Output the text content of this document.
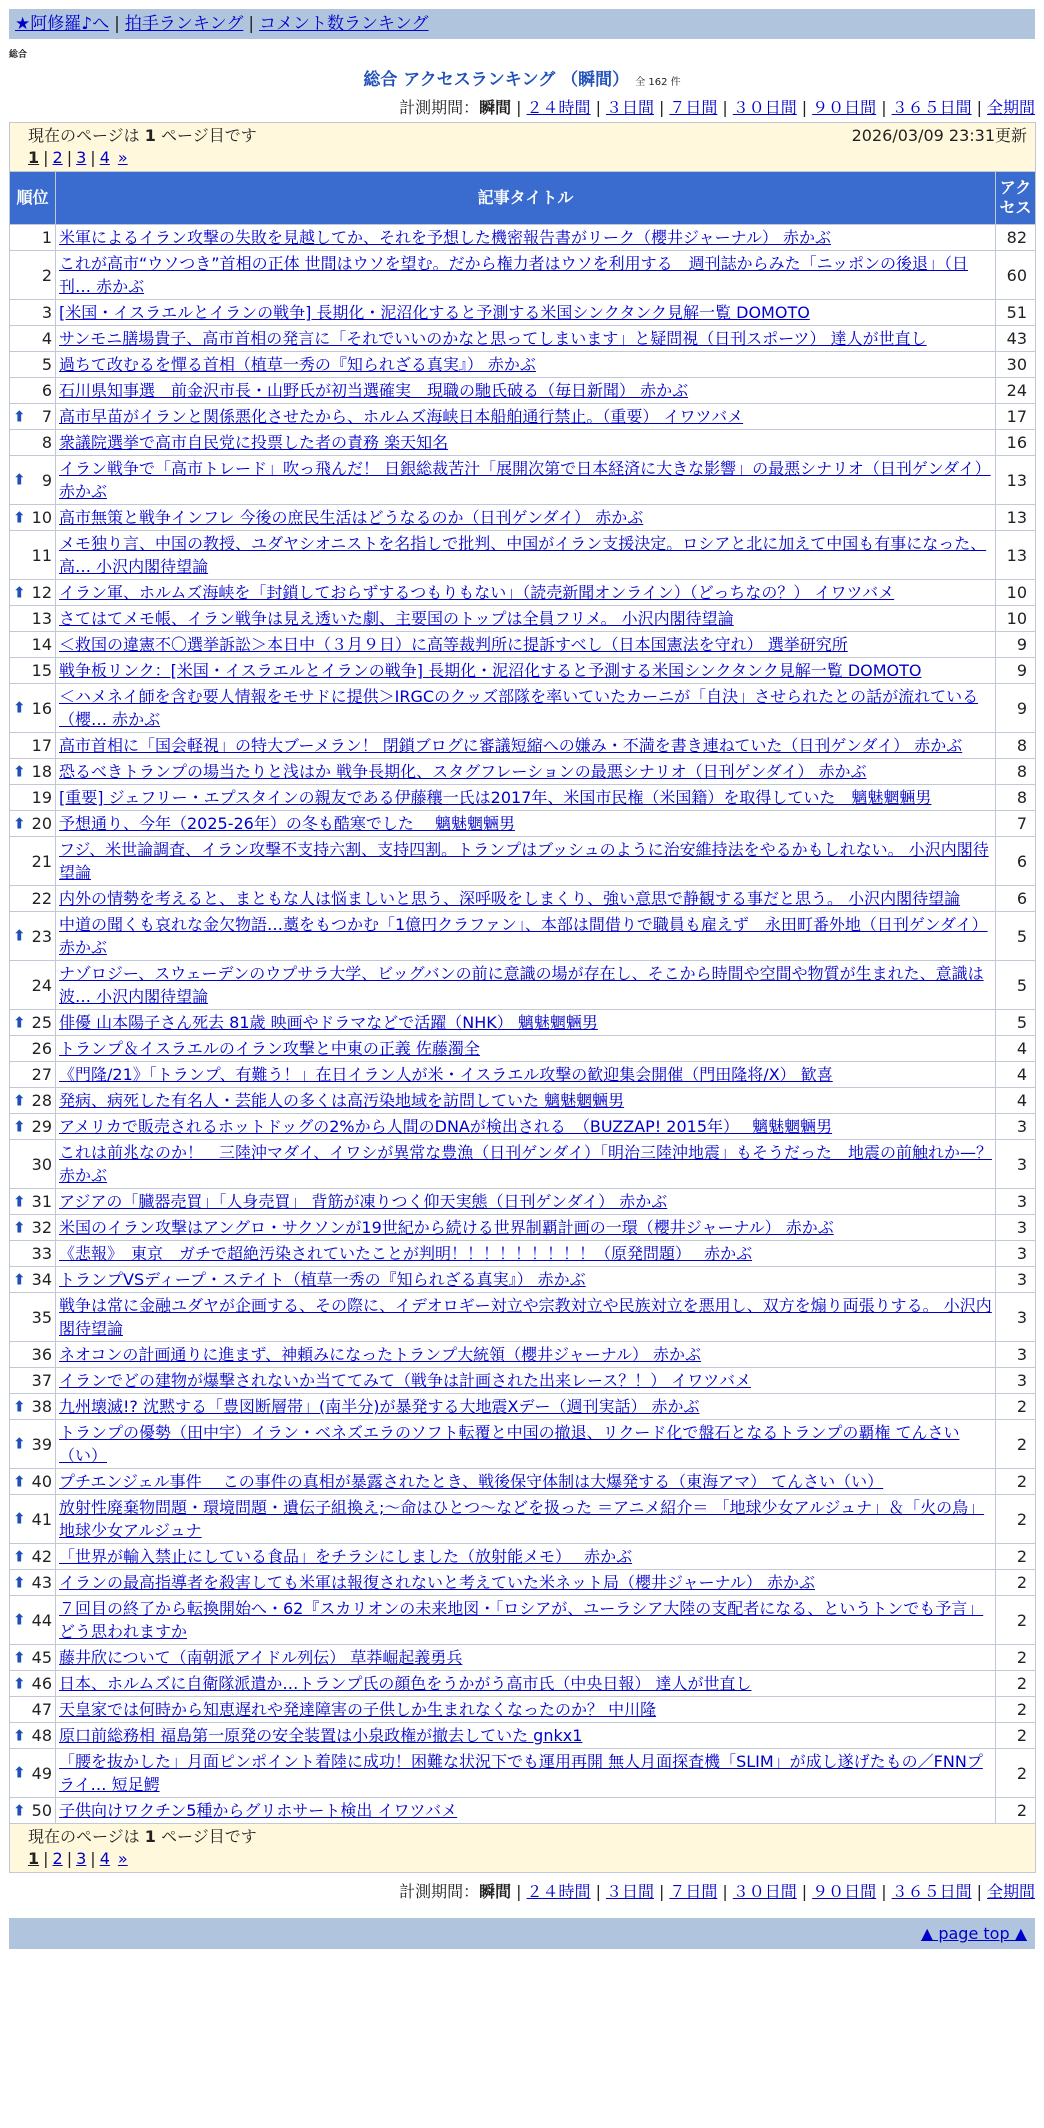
★阿修羅♪へ | 拍手ランキング | コメント数ランキング
総合
総合 アクセスランキング （瞬間） 全 162 件
計測期間：瞬間 | ２４時間 | ３日間 | ７日間 | ３０日間 | ９０日間 | ３６５日間 | 全期間
現在のページは 1 ページ目です 2026/03/09 23:31更新
1 | 2 | 3 | 4 »		

順位	記事タイトル	アクセス
1	米軍によるイラン攻撃の失敗を見越してか、それを予想した機密報告書がリーク（櫻井ジャーナル） 赤かぶ	82
2	これが高市“ウソつき”首相の正体 世間はウソを望む。だから権力者はウソを利用する　週刊誌からみた「ニッポンの後退」（日刊… 赤かぶ	60
3	[米国・イスラエルとイランの戦争] 長期化・泥沼化すると予測する米国シンクタンク見解一覧 DOMOTO	51
4	サンモニ膳場貴子、高市首相の発言に「それでいいのかなと思ってしまいます」と疑問視（日刊スポーツ） 達人が世直し	43
5	過ちて改むるを憚る首相（植草一秀の『知られざる真実』） 赤かぶ	30
6	石川県知事選　前金沢市長・山野氏が初当選確実　現職の馳氏破る（毎日新聞） 赤かぶ	24

⬆ 7	高市早苗がイランと関係悪化させたから、ホルムズ海峡日本船舶通行禁止。（重要） イワツバメ	17
8	衆議院選挙で高市自民党に投票した者の責務 楽天知名	16

⬆ 9	イラン戦争で「高市トレード」吹っ飛んだ！ 日銀総裁苦汁「展開次第で日本経済に大きな影響」の最悪シナリオ（日刊ゲンダイ） 赤かぶ	13

⬆ 10	高市無策と戦争インフレ 今後の庶民生活はどうなるのか（日刊ゲンダイ） 赤かぶ	13
11	メモ独り言、中国の教授、ユダヤシオニストを名指しで批判、中国がイラン支援決定。ロシアと北に加えて中国も有事になった、高… 小沢内閣待望論	13

⬆ 12	イラン軍、ホルムズ海峡を「封鎖しておらずするつもりもない」（読売新聞オンライン）（どっちなの？） イワツバメ	10
13	さてはてメモ帳、イラン戦争は見え透いた劇、主要国のトップは全員フリメ。 小沢内閣待望論	10
14	＜救国の違憲不〇選挙訴訟＞本日中（３月９日）に高等裁判所に提訴すべし（日本国憲法を守れ） 選挙研究所	9
15	戦争板リンク：[米国・イスラエルとイランの戦争] 長期化・泥沼化すると予測する米国シンクタンク見解一覧 DOMOTO	9

⬆ 16	＜ハメネイ師を含む要人情報をモサドに提供＞IRGCのクッズ部隊を率いていたカーニが「自決」させられたとの話が流れている（櫻… 赤かぶ	9
17	高市首相に「国会軽視」の特大ブーメラン！ 閉鎖ブログに審議短縮への嫌み・不満を書き連ねていた（日刊ゲンダイ） 赤かぶ	8

⬆ 18	恐るべきトランプの場当たりと浅はか 戦争長期化、スタグフレーションの最悪シナリオ（日刊ゲンダイ） 赤かぶ	8
19	[重要] ジェフリー・エプスタインの親友である伊藤穰一氏は2017年、米国市民権（米国籍）を取得していた　魑魅魍魎男	8

⬆ 20	予想通り、今年（2025-26年）の冬も酷寒でした　 魑魅魍魎男	7
21	フジ、米世論調査、イラン攻撃不支持六割、支持四割。トランプはブッシュのように治安維持法をやるかもしれない。 小沢内閣待望論	6
22	内外の情勢を考えると、まともな人は悩ましいと思う、深呼吸をしまくり、強い意思で静観する事だと思う。 小沢内閣待望論	6

⬆ 23	中道の聞くも哀れな金欠物語…藁をもつかむ「1億円クラファン」、本部は間借りで職員も雇えず　永田町番外地（日刊ゲンダイ） 赤かぶ	5
24	ナゾロジー、スウェーデンのウプサラ大学、ビッグバンの前に意識の場が存在し、そこから時間や空間や物質が生まれた、意識は波… 小沢内閣待望論	5

⬆ 25	俳優 山本陽子さん死去 81歳 映画やドラマなどで活躍（NHK） 魑魅魍魎男	5
26	トランプ＆イスラエルのイラン攻撃と中東の正義 佐藤濁全	4
27	《門隆/21》「トランプ、有難う！」在日イラン人が米・イスラエル攻撃の歓迎集会開催（門田隆将/X） 歓喜	4

⬆ 28	発病、病死した有名人・芸能人の多くは高汚染地域を訪問していた 魑魅魍魎男	4

⬆ 29	アメリカで販売されるホットドッグの2%から人間のDNAが検出される　（BUZZAP! 2015年）　 魑魅魍魎男	3
30	これは前兆なのか！　三陸沖マダイ、イワシが異常な豊漁（日刊ゲンダイ）「明治三陸沖地震」もそうだった　地震の前触れか—？ 赤かぶ	3

⬆ 31	アジアの「臓器売買」「人身売買」 背筋が凍りつく仰天実態（日刊ゲンダイ） 赤かぶ	3

⬆ 32	米国のイラン攻撃はアングロ・サクソンが19世紀から続ける世界制覇計画の一環（櫻井ジャーナル） 赤かぶ	3
33	《悲報》　東京　ガチで超絶汚染されていたことが判明！！！！！！！！！（原発問題）　 赤かぶ	3

⬆ 34	トランプVSディープ・ステイト（植草一秀の『知られざる真実』） 赤かぶ	3
35	戦争は常に金融ユダヤが企画する、その際に、イデオロギー対立や宗教対立や民族対立を悪用し、双方を煽り両張りする。 小沢内閣待望論	3
36	ネオコンの計画通りに進まず、神頼みになったトランプ大統領（櫻井ジャーナル） 赤かぶ	3
37	イランでどの建物が爆撃されないか当ててみて（戦争は計画された出来レース？！） イワツバメ	3

⬆ 38	九州壊滅!? 沈黙する「豊図断層帯」(南半分)が暴発する大地震Xデー（週刊実話） 赤かぶ	2

⬆ 39	トランプの優勢（田中宇）イラン・ベネズエラのソフト転覆と中国の撤退、リクード化で盤石となるトランプの覇権 てんさい（い）	2

⬆ 40	プチエンジェル事件　 この事件の真相が暴露されたとき、戦後保守体制は大爆発する（東海アマ） てんさい（い）	2

⬆ 41	放射性廃棄物問題・環境問題・遺伝子組換え;〜命はひとつ〜などを扱った ＝アニメ紹介＝ 「地球少女アルジュナ」＆「火の鳥」 地球少女アルジュナ	2

⬆ 42	「世界が輸入禁止にしている食品」をチラシにしました（放射能メモ）　 赤かぶ	2

⬆ 43	イランの最高指導者を殺害しても米軍は報復されないと考えていた米ネット局（櫻井ジャーナル） 赤かぶ	2

⬆ 44	７回目の終了から転換開始へ・62『スカリオンの未来地図・「ロシアが、ユーラシア大陸の支配者になる、というトンでも予言」どう思われますか	2

⬆ 45	藤井欣について（南朝派アイドル列伝） 草莽崛起義勇兵	2

⬆ 46	日本、ホルムズに自衛隊派遣か…トランプ氏の顔色をうかがう高市氏（中央日報） 達人が世直し	2
47	天皇家では何時から知恵遅れや発達障害の子供しか生まれなくなったのか？ 中川隆	2

⬆ 48	原口前総務相 福島第一原発の安全装置は小泉政権が撤去していた gnkx1	2

⬆ 49	「腰を抜かした」月面ピンポイント着陸に成功！困難な状況下でも運用再開 無人月面探査機「SLIM」が成し遂げたもの／FNNプライ… 短足鰐	2

⬆ 50	子供向けワクチン5種からグリホサート検出 イワツバメ	2

現在のページは 1 ページ目です
1 | 2 | 3 | 4 »		
計測期間：瞬間 | ２４時間 | ３日間 | ７日間 | ３０日間 | ９０日間 | ３６５日間 | 全期間
▲ page top ▲
